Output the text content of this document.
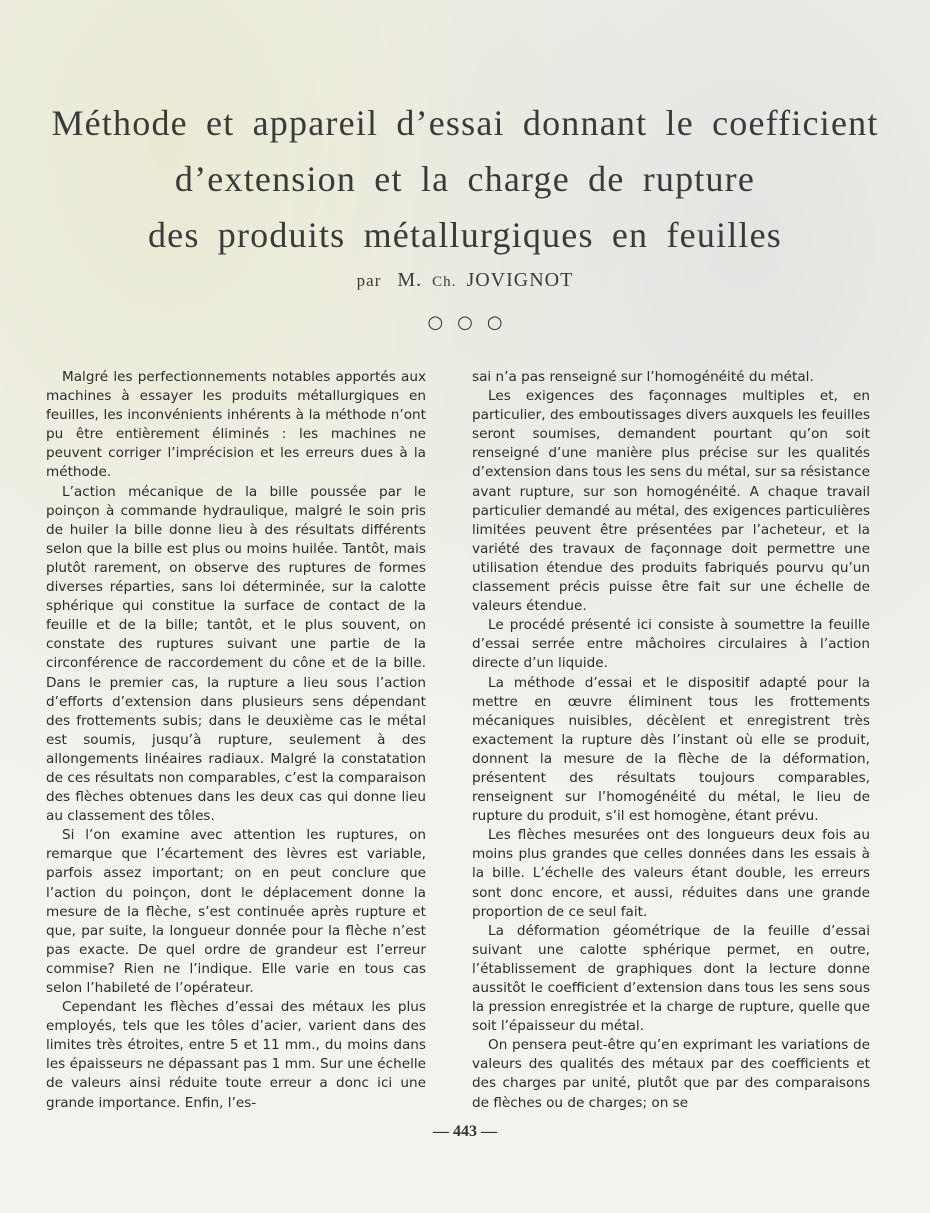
Méthode et appareil d’essai donnant le coefficient
d’extension et la charge de rupture
des produits métallurgiques en feuilles
par M. Ch. JOVIGNOT
○○○

Malgré les perfectionnements notables apportés aux machines à essayer les produits métallurgiques en feuilles, les inconvénients inhérents à la méthode n’ont pu être entièrement éliminés : les machines ne peuvent corriger l’imprécision et les erreurs dues à la méthode.

L’action mécanique de la bille poussée par le poinçon à commande hydraulique, malgré le soin pris de huiler la bille donne lieu à des résultats différents selon que la bille est plus ou moins huilée. Tantôt, mais plutôt rarement, on observe des ruptures de formes diverses réparties, sans loi déterminée, sur la calotte sphérique qui constitue la surface de contact de la feuille et de la bille; tantôt, et le plus souvent, on constate des ruptures suivant une partie de la circonférence de raccordement du cône et de la bille. Dans le premier cas, la rupture a lieu sous l’action d’efforts d’extension dans plusieurs sens dépendant des frottements subis; dans le deuxième cas le métal est soumis, jusqu’à rupture, seulement à des allongements linéaires radiaux. Malgré la constatation de ces résultats non comparables, c’est la comparaison des flèches obtenues dans les deux cas qui donne lieu au classement des tôles.

Si l’on examine avec attention les ruptures, on remarque que l’écartement des lèvres est variable, parfois assez important; on en peut conclure que l’action du poinçon, dont le déplacement donne la mesure de la flèche, s’est continuée après rupture et que, par suite, la longueur donnée pour la flèche n’est pas exacte. De quel ordre de grandeur est l’erreur commise? Rien ne l’indique. Elle varie en tous cas selon l’habileté de l’opérateur.

Cependant les flèches d’essai des métaux les plus employés, tels que les tôles d’acier, varient dans des limites très étroites, entre 5 et 11 mm., du moins dans les épaisseurs ne dépassant pas 1 mm. Sur une échelle de valeurs ainsi réduite toute erreur a donc ici une grande importance. Enfin, l’es-

sai n’a pas renseigné sur l’homogénéité du métal.

Les exigences des façonnages multiples et, en particulier, des emboutissages divers auxquels les feuilles seront soumises, demandent pourtant qu’on soit renseigné d’une manière plus précise sur les qualités d’extension dans tous les sens du métal, sur sa résistance avant rupture, sur son homogénéité. A chaque travail particulier demandé au métal, des exigences particulières limitées peuvent être présentées par l’acheteur, et la variété des travaux de façonnage doit permettre une utilisation étendue des produits fabriqués pourvu qu’un classement précis puisse être fait sur une échelle de valeurs étendue.

Le procédé présenté ici consiste à soumettre la feuille d’essai serrée entre mâchoires circulaires à l’action directe d’un liquide.

La méthode d’essai et le dispositif adapté pour la mettre en œuvre éliminent tous les frottements mécaniques nuisibles, décèlent et enregistrent très exactement la rupture dès l’instant où elle se produit, donnent la mesure de la flèche de la déformation, présentent des résultats toujours comparables, renseignent sur l’homogénéité du métal, le lieu de rupture du produit, s’il est homogène, étant prévu.

Les flèches mesurées ont des longueurs deux fois au moins plus grandes que celles données dans les essais à la bille. L’échelle des valeurs étant double, les erreurs sont donc encore, et aussi, réduites dans une grande proportion de ce seul fait.

La déformation géométrique de la feuille d’essai suivant une calotte sphérique permet, en outre, l’établissement de graphiques dont la lecture donne aussitôt le coefficient d’extension dans tous les sens sous la pression enregistrée et la charge de rupture, quelle que soit l’épaisseur du métal.

On pensera peut-être qu’en exprimant les variations de valeurs des qualités des métaux par des coefficients et des charges par unité, plutôt que par des comparaisons de flèches ou de charges; on se

— 443 —
